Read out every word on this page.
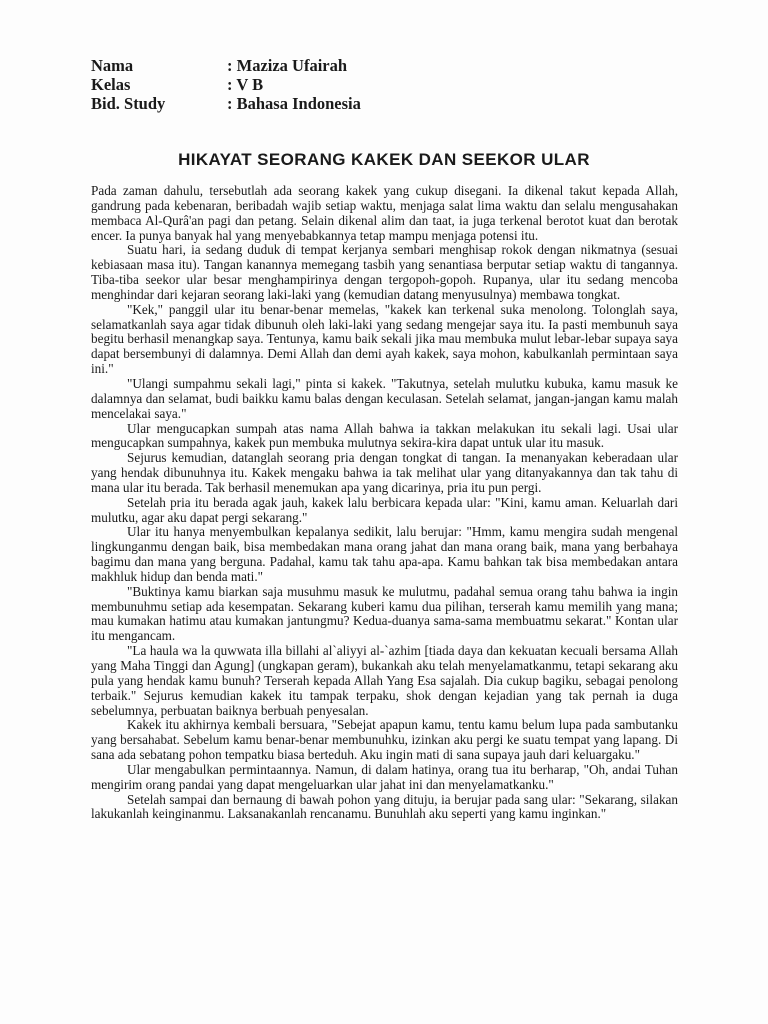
Nama	: Maziza Ufairah
Kelas	: V B
Bid. Study	: Bahasa Indonesia
HIKAYAT SEORANG KAKEK DAN SEEKOR ULAR

Pada zaman dahulu, tersebutlah ada seorang kakek yang cukup disegani. Ia dikenal takut kepada Allah, gandrung pada kebenaran, beribadah wajib setiap waktu, menjaga salat lima waktu dan selalu mengusahakan membaca Al-Qurâ'an pagi dan petang. Selain dikenal alim dan taat, ia juga terkenal berotot kuat dan berotak encer. Ia punya banyak hal yang menyebabkannya tetap mampu menjaga potensi itu.

Suatu hari, ia sedang duduk di tempat kerjanya sembari menghisap rokok dengan nikmatnya (sesuai kebiasaan masa itu). Tangan kanannya memegang tasbih yang senantiasa berputar setiap waktu di tangannya. Tiba-tiba seekor ular besar menghampirinya dengan tergopoh-gopoh. Rupanya, ular itu sedang mencoba menghindar dari kejaran seorang laki-laki yang (kemudian datang menyusulnya) membawa tongkat.

"Kek," panggil ular itu benar-benar memelas, "kakek kan terkenal suka menolong. Tolonglah saya, selamatkanlah saya agar tidak dibunuh oleh laki-laki yang sedang mengejar saya itu. Ia pasti membunuh saya begitu berhasil menangkap saya. Tentunya, kamu baik sekali jika mau membuka mulut lebar-lebar supaya saya dapat bersembunyi di dalamnya. Demi Allah dan demi ayah kakek, saya mohon, kabulkanlah permintaan saya ini."

"Ulangi sumpahmu sekali lagi," pinta si kakek. "Takutnya, setelah mulutku kubuka, kamu masuk ke dalamnya dan selamat, budi baikku kamu balas dengan keculasan. Setelah selamat, jangan-jangan kamu malah mencelakai saya."

Ular mengucapkan sumpah atas nama Allah bahwa ia takkan melakukan itu sekali lagi. Usai ular mengucapkan sumpahnya, kakek pun membuka mulutnya sekira-kira dapat untuk ular itu masuk.

Sejurus kemudian, datanglah seorang pria dengan tongkat di tangan. Ia menanyakan keberadaan ular yang hendak dibunuhnya itu. Kakek mengaku bahwa ia tak melihat ular yang ditanyakannya dan tak tahu di mana ular itu berada. Tak berhasil menemukan apa yang dicarinya, pria itu pun pergi.

Setelah pria itu berada agak jauh, kakek lalu berbicara kepada ular: "Kini, kamu aman. Keluarlah dari mulutku, agar aku dapat pergi sekarang."

Ular itu hanya menyembulkan kepalanya sedikit, lalu berujar: "Hmm, kamu mengira sudah mengenal lingkunganmu dengan baik, bisa membedakan mana orang jahat dan mana orang baik, mana yang berbahaya bagimu dan mana yang berguna. Padahal, kamu tak tahu apa-apa. Kamu bahkan tak bisa membedakan antara makhluk hidup dan benda mati."

"Buktinya kamu biarkan saja musuhmu masuk ke mulutmu, padahal semua orang tahu bahwa ia ingin membunuhmu setiap ada kesempatan. Sekarang kuberi kamu dua pilihan, terserah kamu memilih yang mana; mau kumakan hatimu atau kumakan jantungmu? Kedua-duanya sama-sama membuatmu sekarat." Kontan ular itu mengancam.

"La haula wa la quwwata illa billahi al`aliyyi al-`azhim [tiada daya dan kekuatan kecuali bersama Allah yang Maha Tinggi dan Agung] (ungkapan geram), bukankah aku telah menyelamatkanmu, tetapi sekarang aku pula yang hendak kamu bunuh? Terserah kepada Allah Yang Esa sajalah. Dia cukup bagiku, sebagai penolong terbaik." Sejurus kemudian kakek itu tampak terpaku, shok dengan kejadian yang tak pernah ia duga sebelumnya, perbuatan baiknya berbuah penyesalan.

Kakek itu akhirnya kembali bersuara, "Sebejat apapun kamu, tentu kamu belum lupa pada sambutanku yang bersahabat. Sebelum kamu benar-benar membunuhku, izinkan aku pergi ke suatu tempat yang lapang. Di sana ada sebatang pohon tempatku biasa berteduh. Aku ingin mati di sana supaya jauh dari keluargaku."

Ular mengabulkan permintaannya. Namun, di dalam hatinya, orang tua itu berharap, "Oh, andai Tuhan mengirim orang pandai yang dapat mengeluarkan ular jahat ini dan menyelamatkanku."

Setelah sampai dan bernaung di bawah pohon yang dituju, ia berujar pada sang ular: "Sekarang, silakan lakukanlah keinginanmu. Laksanakanlah rencanamu. Bunuhlah aku seperti yang kamu inginkan."
